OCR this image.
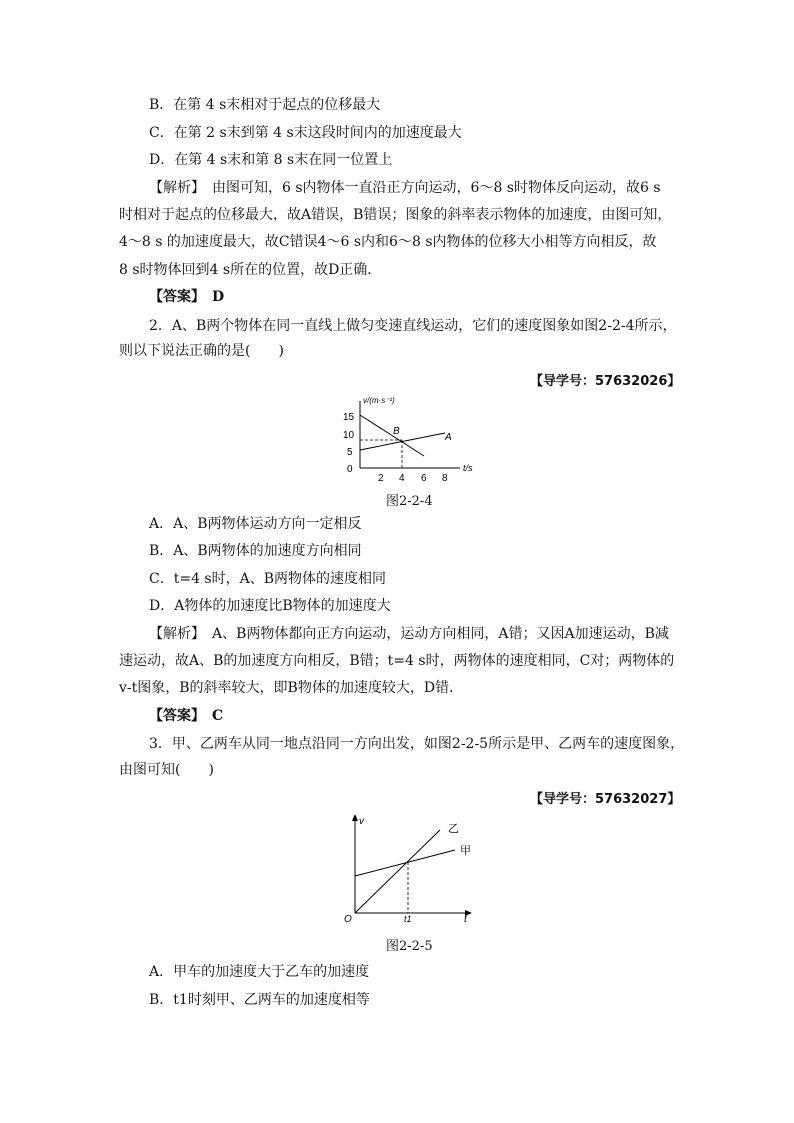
B．在第 4 s末相对于起点的位移最大
C．在第 2 s末到第 4 s末这段时间内的加速度最大
D．在第 4 s末和第 8 s末在同一位置上
【解析】　由图可知，6 s内物体一直沿正方向运动，6～8 s时物体反向运动，故6 s
时相对于起点的位移最大，故A错误，B错误；图象的斜率表示物体的加速度，由图可知，
4～8 s 的加速度最大，故C错误4～6 s内和6～8 s内物体的位移大小相等方向相反，故
8 s时物体回到4 s所在的位置，故D正确．
【答案】　D
2．A、B两个物体在同一直线上做匀变速直线运动，它们的速度图象如图2-2-4所示，
则以下说法正确的是(　　)
【导学号：57632026】
v/(m·s⁻¹)
t/s
15
10
5
0
2 4 6 8
A
B
图2-2-4
A．A、B两物体运动方向一定相反
B．A、B两物体的加速度方向相同
C．t=4 s时，A、B两物体的速度相同
D．A物体的加速度比B物体的加速度大
【解析】　A、B两物体都向正方向运动，运动方向相同，A错；又因A加速运动，B减
速运动，故A、B的加速度方向相反，B错；t=4 s时，两物体的速度相同，C对；两物体的
v-t图象，B的斜率较大，即B物体的加速度较大，D错．
【答案】　C
3．甲、乙两车从同一地点沿同一方向出发，如图2-2-5所示是甲、乙两车的速度图象，
由图可知(　　)
【导学号：57632027】
v
t
O	t1
乙
甲
图2-2-5
A．甲车的加速度大于乙车的加速度
B．t1时刻甲、乙两车的加速度相等
